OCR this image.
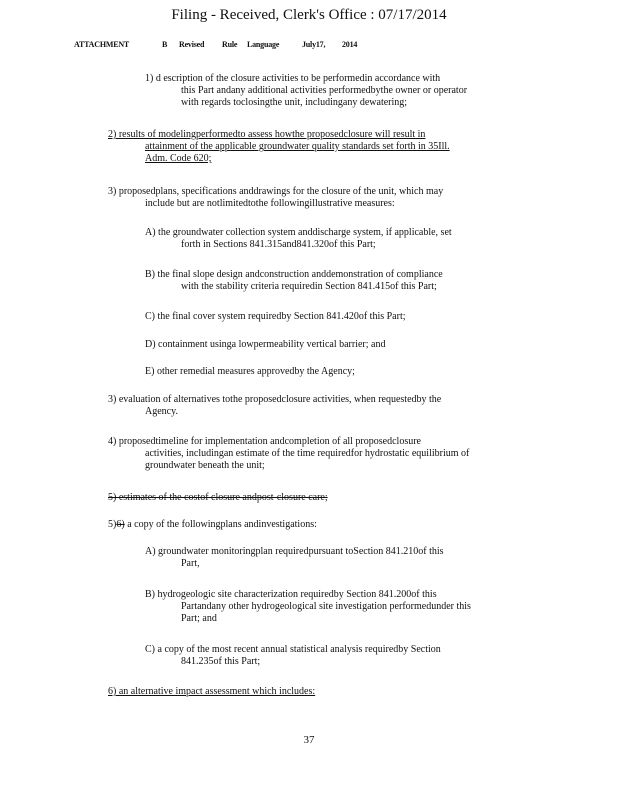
Filing - Received, Clerk's Office : 07/17/2014
ATTACHMENT	B Revised Rule Language	July17, 2014
1) d escription of the closure activities to be performedin accordance with
this Part andany additional activities performedbythe owner or operator
with regards toclosingthe unit, includingany dewatering;
2) results of modelingperformedto assess howthe proposedclosure will result in
attainment of the applicable groundwater quality standards set forth in 35Ill.
Adm. Code 620;
3) proposedplans, specifications anddrawings for the closure of the unit, which may
include but are notlimitedtothe followingillustrative measures:
A) the groundwater collection system anddischarge system, if applicable, set
forth in Sections 841.315and841.320of this Part;
B) the final slope design andconstruction anddemonstration of compliance
with the stability criteria requiredin Section 841.415of this Part;
C) the final cover system requiredby Section 841.420of this Part;
D) containment usinga lowpermeability vertical barrier; and
E) other remedial measures approvedby the Agency;
3) evaluation of alternatives tothe proposedclosure activities, when requestedby the
Agency.
4) proposedtimeline for implementation andcompletion of all proposedclosure
activities, includingan estimate of the time requiredfor hydrostatic equilibrium of
groundwater beneath the unit;
5) estimates of the costof closure andpost-closure care;
5)6) a copy of the followingplans andinvestigations:
A) groundwater monitoringplan requiredpursuant toSection 841.210of this
Part,
B) hydrogeologic site characterization requiredby Section 841.200of this
Partandany other hydrogeological site investigation performedunder this
Part; and
C) a copy of the most recent annual statistical analysis requiredby Section
841.235of this Part;
6) an alternative impact assessment which includes:
37
